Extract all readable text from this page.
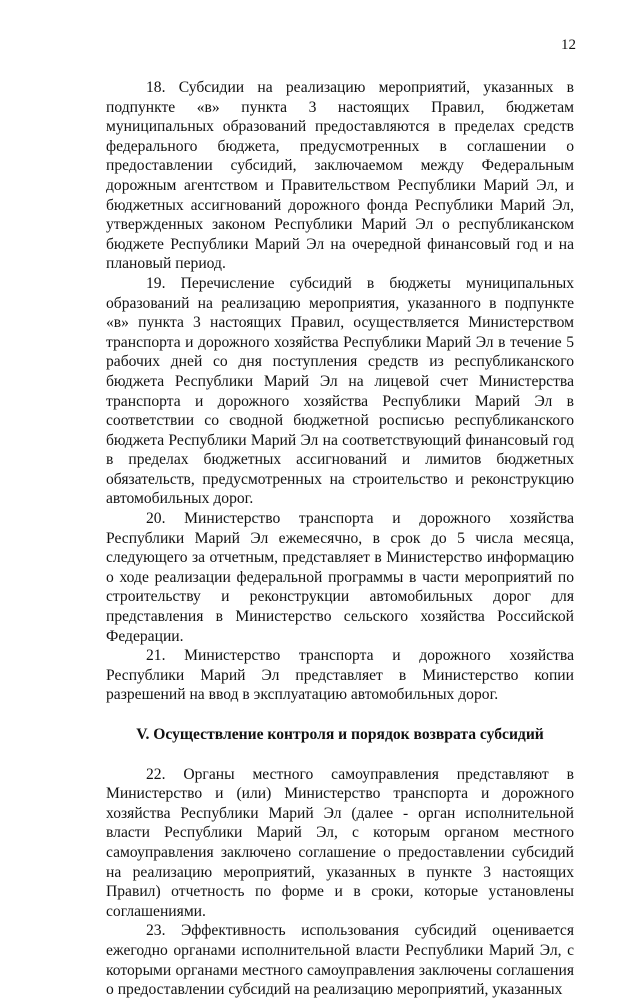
12

18. Субсидии на реализацию мероприятий, указанных в подпункте «в» пункта 3 настоящих Правил, бюджетам муниципальных образований предоставляются в пределах средств федерального бюджета, предусмотренных в соглашении о предоставлении субсидий, заключаемом между Федеральным дорожным агентством и Правительством Республики Марий Эл, и бюджетных ассигнований дорожного фонда Республики Марий Эл, утвержденных законом Республики Марий Эл о республиканском бюджете Республики Марий Эл на очередной финансовый год и на плановый период.

19. Перечисление субсидий в бюджеты муниципальных образований на реализацию мероприятия, указанного в подпункте «в» пункта 3 настоящих Правил, осуществляется Министерством транспорта и дорожного хозяйства Республики Марий Эл в течение 5 рабочих дней со дня поступления средств из республиканского бюджета Республики Марий Эл на лицевой счет Министерства транспорта и дорожного хозяйства Республики Марий Эл в соответствии со сводной бюджетной росписью республиканского бюджета Республики Марий Эл на соответствующий финансовый год в пределах бюджетных ассигнований и лимитов бюджетных обязательств, предусмотренных на строительство и реконструкцию автомобильных дорог.

20. Министерство транспорта и дорожного хозяйства Республики Марий Эл ежемесячно, в срок до 5 числа месяца, следующего за отчетным, представляет в Министерство информацию о ходе реализации федеральной программы в части мероприятий по строительству и реконструкции автомобильных дорог для представления в Министерство сельского хозяйства Российской Федерации.

21. Министерство транспорта и дорожного хозяйства Республики Марий Эл представляет в Министерство копии разрешений на ввод в эксплуатацию автомобильных дорог.

V. Осуществление контроля и порядок возврата субсидий

22. Органы местного самоуправления представляют в Министерство и (или) Министерство транспорта и дорожного хозяйства Республики Марий Эл (далее - орган исполнительной власти Республики Марий Эл, с которым органом местного самоуправления заключено соглашение о предоставлении субсидий на реализацию мероприятий, указанных в пункте 3 настоящих Правил) отчетность по форме и в сроки, которые установлены соглашениями.

23. Эффективность использования субсидий оценивается ежегодно органами исполнительной власти Республики Марий Эл, с которыми органами местного самоуправления заключены соглашения о предоставлении субсидий на реализацию мероприятий, указанных
